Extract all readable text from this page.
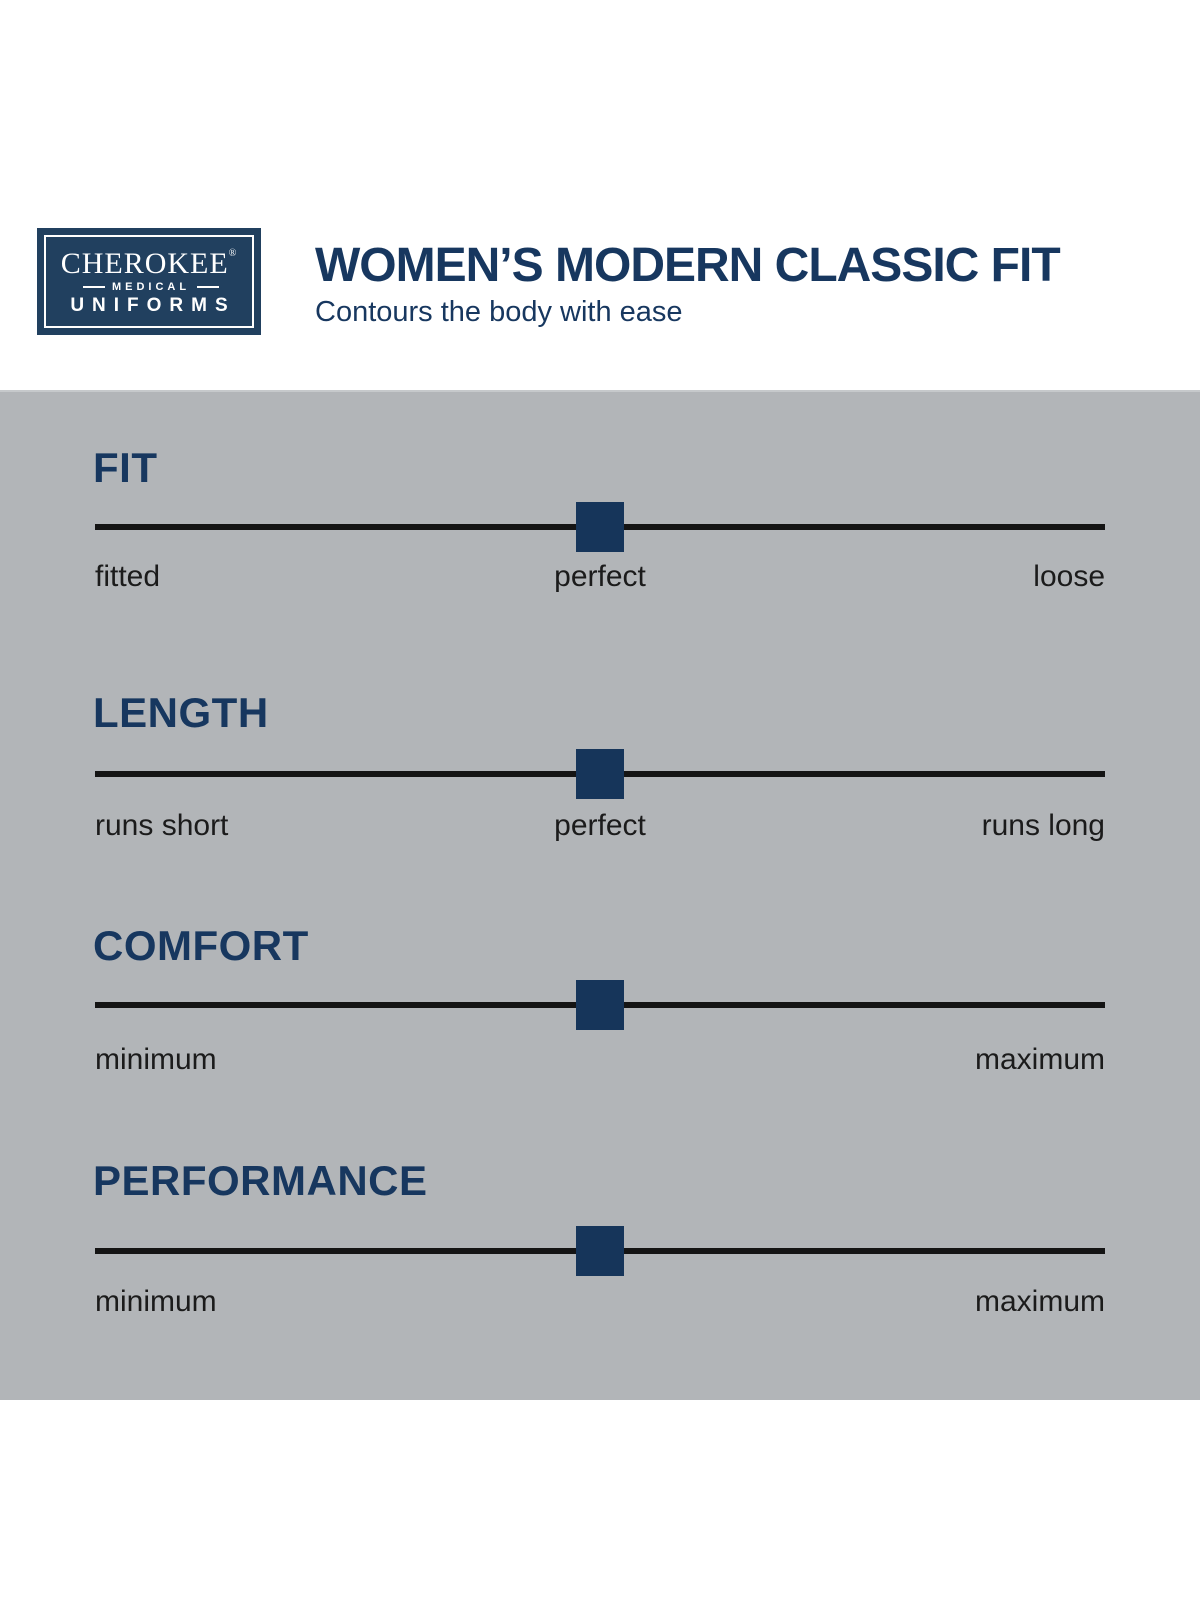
CHEROKEE®
MEDICAL
UNIFORMS
WOMEN’S MODERN CLASSIC FIT

Contours the body with ease

FIT
fitted	perfect	loose
LENGTH
runs short	perfect	runs long
COMFORT
minimum	maximum
PERFORMANCE
minimum	maximum
